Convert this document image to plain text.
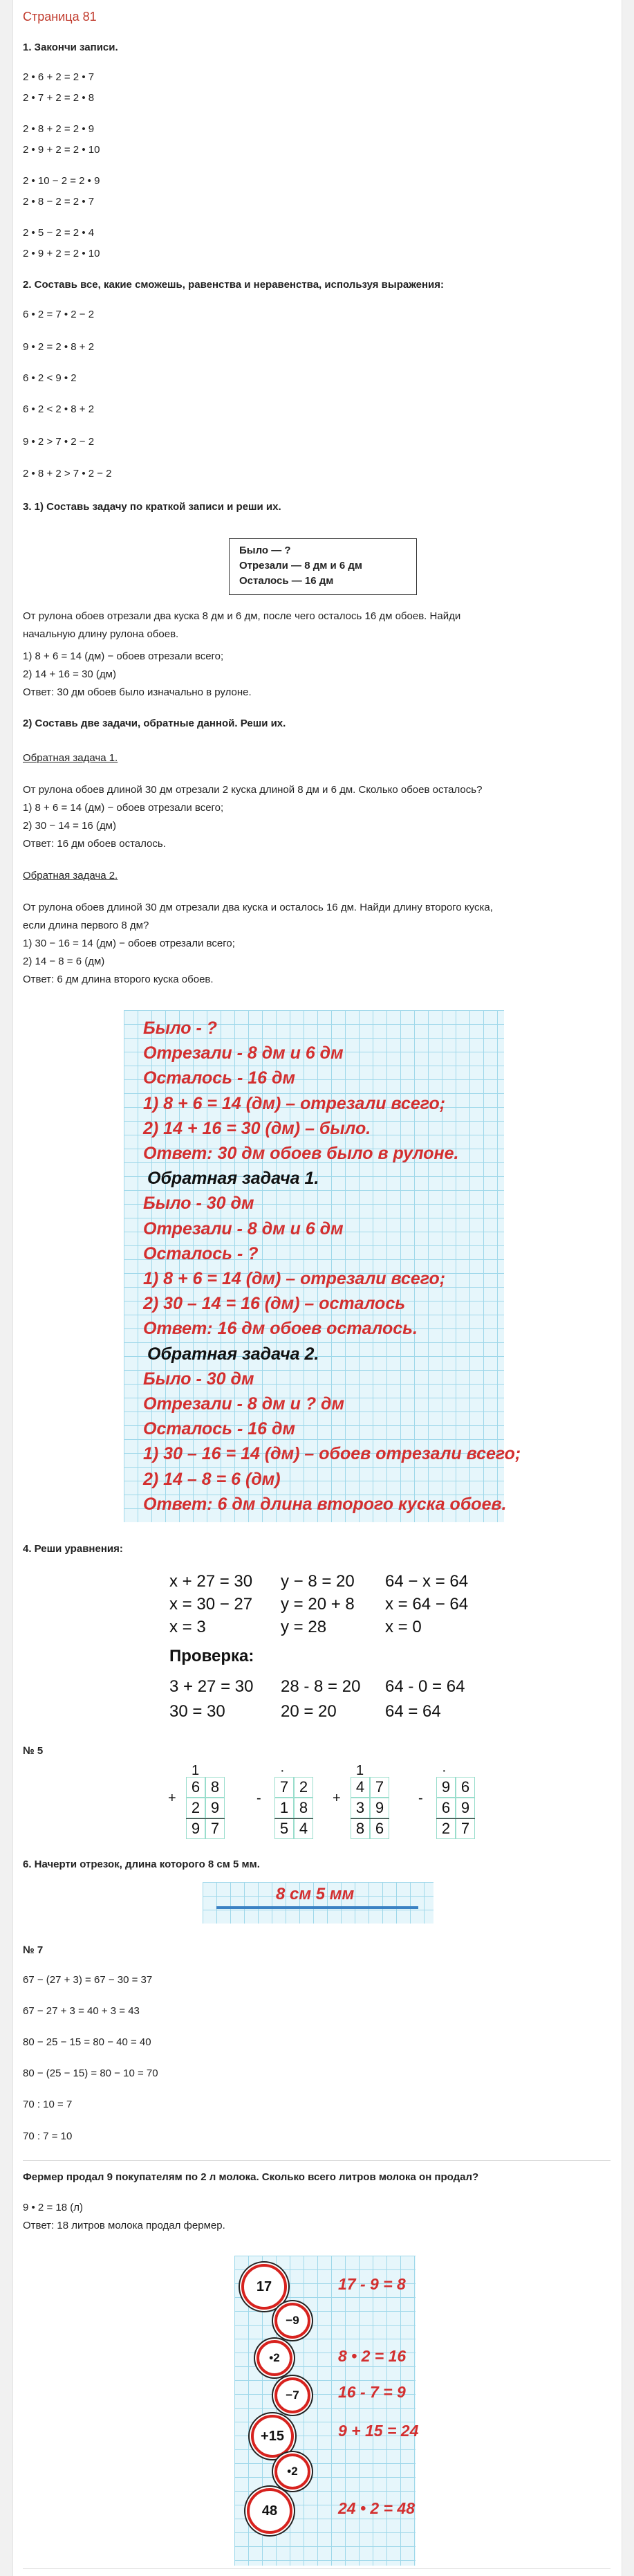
Страница 81
1. Закончи записи.
2 • 6 + 2 = 2 • 7
2 • 7 + 2 = 2 • 8
2 • 8 + 2 = 2 • 9
2 • 9 + 2 = 2 • 10
2 • 10 − 2 = 2 • 9
2 • 8 − 2 = 2 • 7
2 • 5 − 2 = 2 • 4
2 • 9 + 2 = 2 • 10
2. Составь все, какие сможешь, равенства и неравенства, используя выражения:
6 • 2 = 7 • 2 − 2
9 • 2 = 2 • 8 + 2
6 • 2 < 9 • 2
6 • 2 < 2 • 8 + 2
9 • 2 > 7 • 2 − 2
2 • 8 + 2 > 7 • 2 − 2
3. 1) Составь задачу по краткой записи и реши их.
Было — ?
Отрезали — 8 дм и 6 дм
Осталось — 16 дм
От рулона обоев отрезали два куска 8 дм и 6 дм, после чего осталось 16 дм обоев. Найди
начальную длину рулона обоев.
1) 8 + 6 = 14 (дм) − обоев отрезали всего;
2) 14 + 16 = 30 (дм)
Ответ: 30 дм обоев было изначально в рулоне.
2) Составь две задачи, обратные данной. Реши их.
Обратная задача 1.
От рулона обоев длиной 30 дм отрезали 2 куска длиной 8 дм и 6 дм. Сколько обоев осталось?
1) 8 + 6 = 14 (дм) − обоев отрезали всего;
2) 30 − 14 = 16 (дм)
Ответ: 16 дм обоев осталось.
Обратная задача 2.
От рулона обоев длиной 30 дм отрезали два куска и осталось 16 дм. Найди длину второго куска,
если длина первого 8 дм?
1) 30 − 16 = 14 (дм) − обоев отрезали всего;
2) 14 − 8 = 6 (дм)
Ответ: 6 дм длина второго куска обоев.
4. Реши уравнения:
x + 27 = 30
x = 30 − 27
x = 3
y − 8 = 20
y = 20 + 8
y = 28
64 − x = 64
x = 64 − 64
x = 0
Проверка:
3 + 27 = 30
30 = 30
28 - 8 = 20
20 = 20
64 - 0 = 64
64 = 64
№ 5
6. Начерти отрезок, длина которого 8 см 5 мм.
8 см 5 мм
№ 7
67 − (27 + 3) = 67 − 30 = 37
67 − 27 + 3 = 40 + 3 = 43
80 − 25 − 15 = 80 − 40 = 40
80 − (25 − 15) = 80 − 10 = 70
70 : 10 = 7
70 : 7 = 10
Фермер продал 9 покупателям по 2 л молока. Сколько всего литров молока он продал?
9 • 2 = 18 (л)
Ответ: 18 литров молока продал фермер.
Было - ?
Отрезали - 8 дм и 6 дм
Осталось - 16 дм
1) 8 + 6 = 14 (дм) – отрезали всего;
2) 14 + 16 = 30 (дм) – было.
Ответ: 30 дм обоев было в рулоне.
Обратная задача 1.
Было - 30 дм
Отрезали - 8 дм и 6 дм
Осталось - ?
1) 8 + 6 = 14 (дм) – отрезали всего;
2) 30 – 14 = 16 (дм) – осталось
Ответ: 16 дм обоев осталось.
Обратная задача 2.
Было - 30 дм
Отрезали - 8 дм и ? дм
Осталось - 16 дм
1) 30 – 16 = 14 (дм) – обоев отрезали всего;
2) 14 – 8 = 6 (дм)
Ответ: 6 дм длина второго куска обоев.
1
+
6 8
2 9
9 7
·
-
7 2
1 8
5 4
1
+
4 7
3 9
8 6
·
-
9 6
6 9
2 7
17
−9
•2
−7
+15
•2
48
17 - 9 = 8
8 • 2 = 16
16 - 7 = 9
9 + 15 = 24
24 • 2 = 48
